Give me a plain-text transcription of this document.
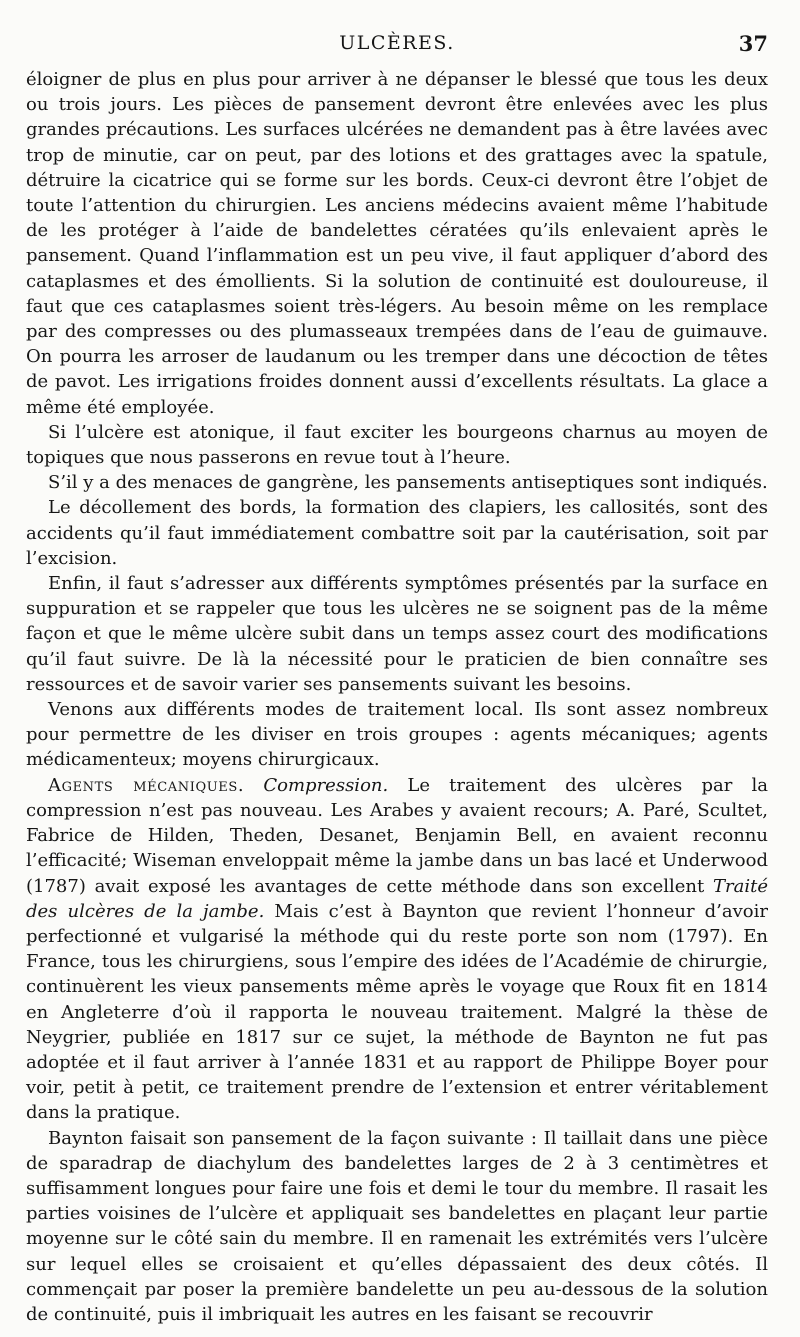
ULCÈRES.	37

éloigner de plus en plus pour arriver à ne dépanser le blessé que tous les deux ou trois jours. Les pièces de pansement devront être enlevées avec les plus grandes précautions. Les surfaces ulcérées ne demandent pas à être lavées avec trop de minutie, car on peut, par des lotions et des grattages avec la spatule, détruire la cicatrice qui se forme sur les bords. Ceux-ci devront être l’objet de toute l’attention du chirurgien. Les anciens médecins avaient même l’habitude de les protéger à l’aide de bandelettes cératées qu’ils enlevaient après le pansement. Quand l’inflammation est un peu vive, il faut appliquer d’abord des cataplasmes et des émollients. Si la solution de continuité est douloureuse, il faut que ces cataplasmes soient très-légers. Au besoin même on les remplace par des compresses ou des plumasseaux trempées dans de l’eau de guimauve. On pourra les arroser de laudanum ou les tremper dans une décoction de têtes de pavot. Les irrigations froides donnent aussi d’excellents résultats. La glace a même été employée.

Si l’ulcère est atonique, il faut exciter les bourgeons charnus au moyen de topiques que nous passerons en revue tout à l’heure.

S’il y a des menaces de gangrène, les pansements antiseptiques sont indiqués.

Le décollement des bords, la formation des clapiers, les callosités, sont des accidents qu’il faut immédiatement combattre soit par la cautérisation, soit par l’excision.

Enfin, il faut s’adresser aux différents symptômes présentés par la surface en suppuration et se rappeler que tous les ulcères ne se soignent pas de la même façon et que le même ulcère subit dans un temps assez court des modifications qu’il faut suivre. De là la nécessité pour le praticien de bien connaître ses ressources et de savoir varier ses pansements suivant les besoins.

Venons aux différents modes de traitement local. Ils sont assez nombreux pour permettre de les diviser en trois groupes : agents mécaniques; agents médicamenteux; moyens chirurgicaux.

Agents mécaniques. Compression. Le traitement des ulcères par la compression n’est pas nouveau. Les Arabes y avaient recours; A. Paré, Scultet, Fabrice de Hilden, Theden, Desanet, Benjamin Bell, en avaient reconnu l’efficacité; Wiseman enveloppait même la jambe dans un bas lacé et Underwood (1787) avait exposé les avantages de cette méthode dans son excellent Traité des ulcères de la jambe. Mais c’est à Baynton que revient l’honneur d’avoir perfectionné et vulgarisé la méthode qui du reste porte son nom (1797). En France, tous les chirurgiens, sous l’empire des idées de l’Académie de chirurgie, continuèrent les vieux pansements même après le voyage que Roux fit en 1814 en Angleterre d’où il rapporta le nouveau traitement. Malgré la thèse de Neygrier, publiée en 1817 sur ce sujet, la méthode de Baynton ne fut pas adoptée et il faut arriver à l’année 1831 et au rapport de Philippe Boyer pour voir, petit à petit, ce traitement prendre de l’extension et entrer véritablement dans la pratique.

Baynton faisait son pansement de la façon suivante : Il taillait dans une pièce de sparadrap de diachylum des bandelettes larges de 2 à 3 centimètres et suffisamment longues pour faire une fois et demi le tour du membre. Il rasait les parties voisines de l’ulcère et appliquait ses bandelettes en plaçant leur partie moyenne sur le côté sain du membre. Il en ramenait les extrémités vers l’ulcère sur lequel elles se croisaient et qu’elles dépassaient des deux côtés. Il commençait par poser la première bandelette un peu au-dessous de la solution de continuité, puis il imbriquait les autres en les faisant se recouvrir
